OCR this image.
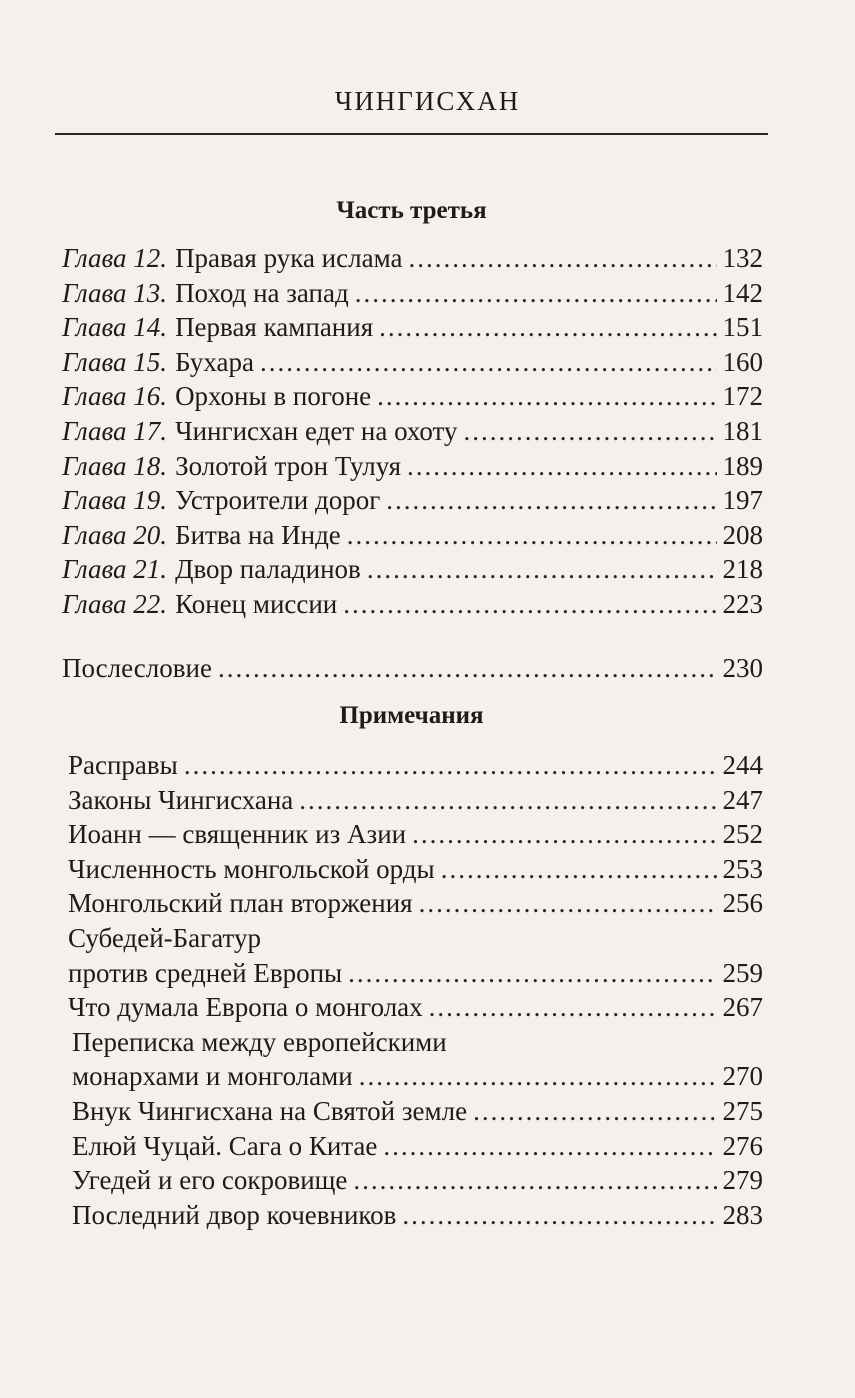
ЧИНГИСХАН
Часть третья
Примечания
Глава 12. Правая рука ислама .....	132
Глава 13. Поход на запад .....	142
Глава 14. Первая кампания .....	151
Глава 15. Бухара .....	160
Глава 16. Орхоны в погоне .....	172
Глава 17. Чингисхан едет на охоту .....	181
Глава 18. Золотой трон Тулуя .....	189
Глава 19. Устроители дорог .....	197
Глава 20. Битва на Инде .....	208
Глава 21. Двор паладинов .....	218
Глава 22. Конец миссии .....	223
Послесловие .....	230
Расправы .....	244
Законы Чингисхана .....	247
Иоанн — священник из Азии .....	252
Численность монгольской орды .....	253
Монгольский план вторжения .....	256
Субедей-Багатур
против средней Европы .....	259
Что думала Европа о монголах .....	267
Переписка между европейскими
монархами и монголами .....	270
Внук Чингисхана на Святой земле .....	275
Елюй Чуцай. Сага о Китае .....	276
Угедей и его сокровище .....	279
Последний двор кочевников .....	283
